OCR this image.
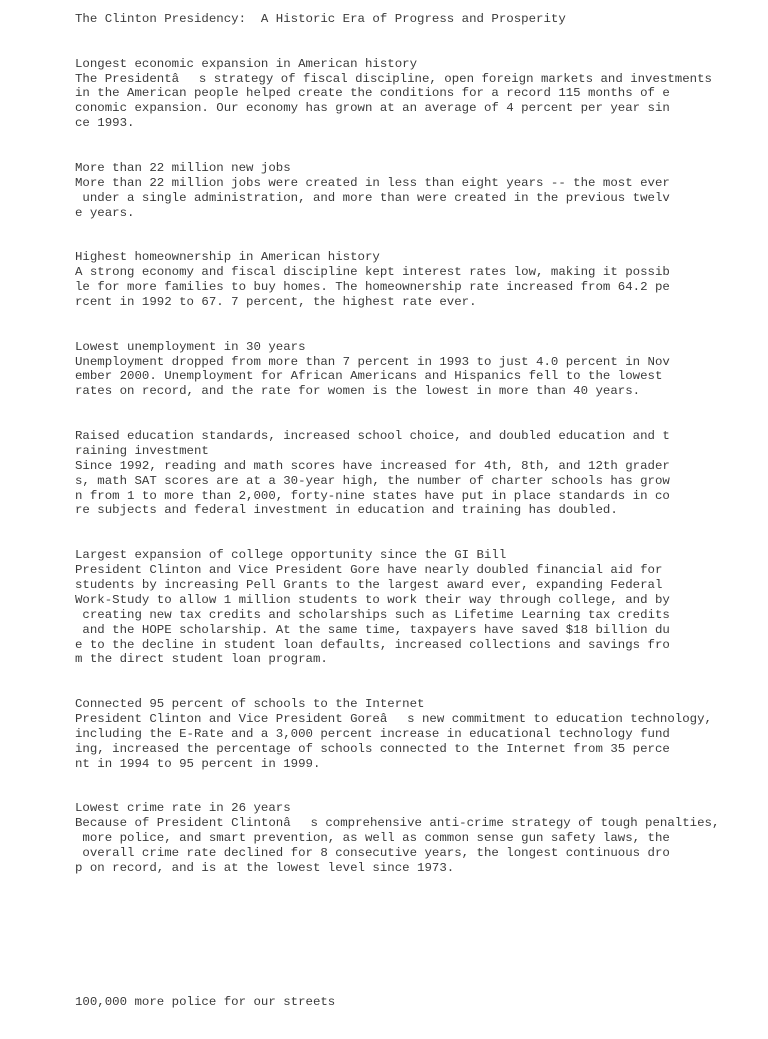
The Clinton Presidency:  A Historic Era of Progress and Prosperity
Longest economic expansion in American history
The Presidentâs strategy of fiscal discipline, open foreign markets and investments
in the American people helped create the conditions for a record 115 months of e
conomic expansion. Our economy has grown at an average of 4 percent per year sin
ce 1993.
More than 22 million new jobs
More than 22 million jobs were created in less than eight years -- the most ever
under a single administration, and more than were created in the previous twelv
e years.
Highest homeownership in American history
A strong economy and fiscal discipline kept interest rates low, making it possib
le for more families to buy homes. The homeownership rate increased from 64.2 pe
rcent in 1992 to 67. 7 percent, the highest rate ever.
Lowest unemployment in 30 years
Unemployment dropped from more than 7 percent in 1993 to just 4.0 percent in Nov
ember 2000. Unemployment for African Americans and Hispanics fell to the lowest
rates on record, and the rate for women is the lowest in more than 40 years.
Raised education standards, increased school choice, and doubled education and t
raining investment
Since 1992, reading and math scores have increased for 4th, 8th, and 12th grader
s, math SAT scores are at a 30-year high, the number of charter schools has grow
n from 1 to more than 2,000, forty-nine states have put in place standards in co
re subjects and federal investment in education and training has doubled.
Largest expansion of college opportunity since the GI Bill
President Clinton and Vice President Gore have nearly doubled financial aid for
students by increasing Pell Grants to the largest award ever, expanding Federal
Work-Study to allow 1 million students to work their way through college, and by
creating new tax credits and scholarships such as Lifetime Learning tax credits
and the HOPE scholarship. At the same time, taxpayers have saved $18 billion du
e to the decline in student loan defaults, increased collections and savings fro
m the direct student loan program.
Connected 95 percent of schools to the Internet
President Clinton and Vice President Goreâs new commitment to education technology,
including the E-Rate and a 3,000 percent increase in educational technology fund
ing, increased the percentage of schools connected to the Internet from 35 perce
nt in 1994 to 95 percent in 1999.
Lowest crime rate in 26 years
Because of President Clintonâs comprehensive anti-crime strategy of tough penalties,
more police, and smart prevention, as well as common sense gun safety laws, the
overall crime rate declined for 8 consecutive years, the longest continuous dro
p on record, and is at the lowest level since 1973.
100,000 more police for our streets
